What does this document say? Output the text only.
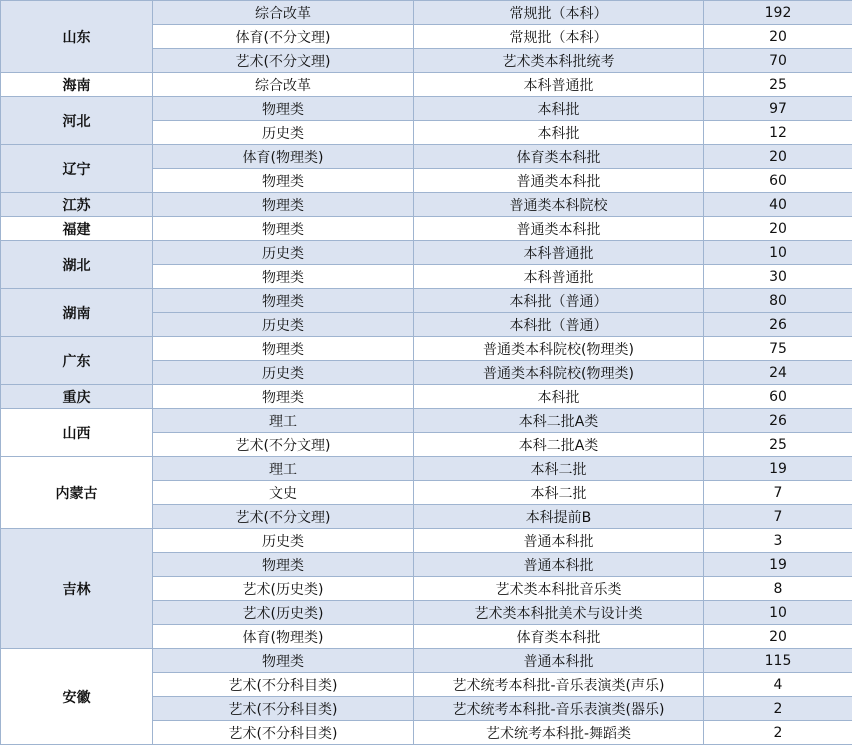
山东	综合改革	常规批（本科）	192
	体育(不分文理)	常规批（本科）	20
	艺术(不分文理)	艺术类本科批统考	70
海南	综合改革	本科普通批	25
河北	物理类	本科批	97
	历史类	本科批	12
辽宁	体育(物理类)	体育类本科批	20
	物理类	普通类本科批	60
江苏	物理类	普通类本科院校	40
福建	物理类	普通类本科批	20
湖北	历史类	本科普通批	10
	物理类	本科普通批	30
湖南	物理类	本科批（普通）	80
	历史类	本科批（普通）	26
广东	物理类	普通类本科院校(物理类)	75
	历史类	普通类本科院校(物理类)	24
重庆	物理类	本科批	60
山西	理工	本科二批A类	26
	艺术(不分文理)	本科二批A类	25
内蒙古	理工	本科二批	19
	文史	本科二批	7
	艺术(不分文理)	本科提前B	7
吉林	历史类	普通本科批	3
	物理类	普通本科批	19
	艺术(历史类)	艺术类本科批音乐类	8
	艺术(历史类)	艺术类本科批美术与设计类	10
	体育(物理类)	体育类本科批	20
安徽	物理类	普通本科批	115
	艺术(不分科目类)	艺术统考本科批-音乐表演类(声乐)	4
	艺术(不分科目类)	艺术统考本科批-音乐表演类(器乐)	2
	艺术(不分科目类)	艺术统考本科批-舞蹈类	2
